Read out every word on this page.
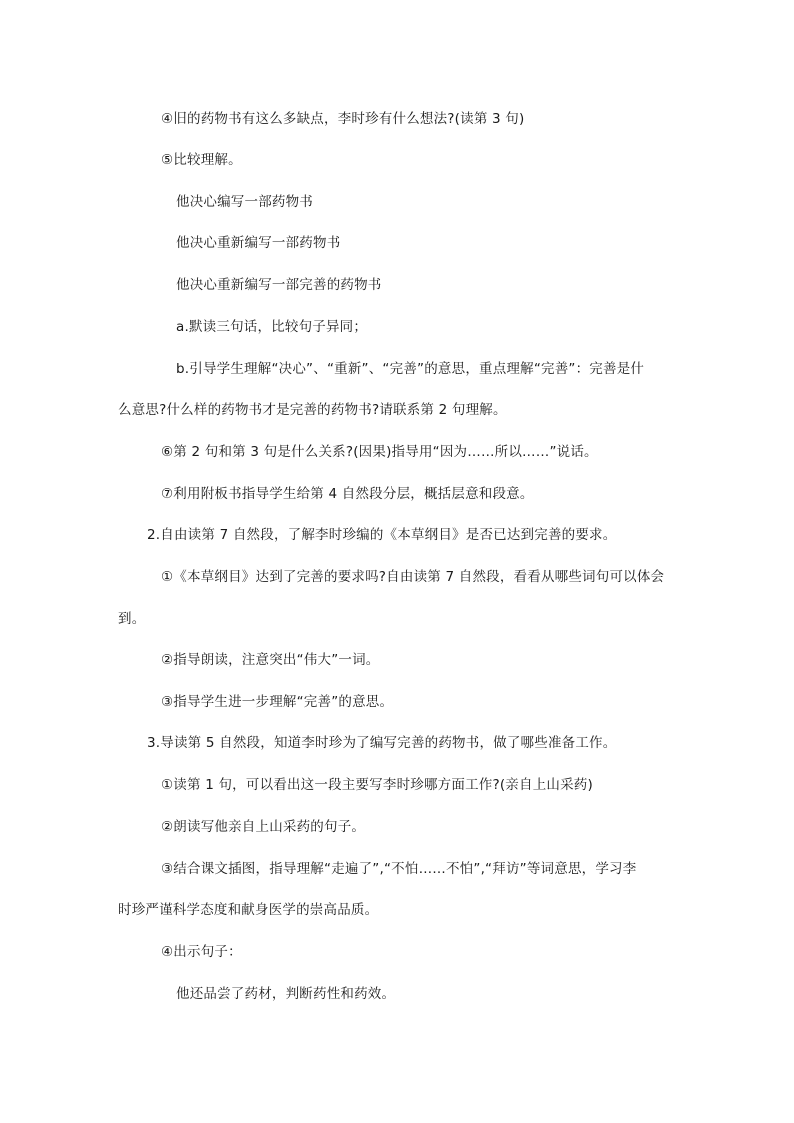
④旧的药物书有这么多缺点，李时珍有什么想法?(读第 3 句)
⑤比较理解。
他决心编写一部药物书
他决心重新编写一部药物书
他决心重新编写一部完善的药物书
a.默读三句话，比较句子异同；
b.引导学生理解“决心”、“重新”、“完善”的意思，重点理解“完善”：完善是什
么意思?什么样的药物书才是完善的药物书?请联系第 2 句理解。
⑥第 2 句和第 3 句是什么关系?(因果)指导用“因为……所以……”说话。
⑦利用附板书指导学生给第 4 自然段分层，概括层意和段意。
2.自由读第 7 自然段，了解李时珍编的《本草纲目》是否已达到完善的要求。
①《本草纲目》达到了完善的要求吗?自由读第 7 自然段，看看从哪些词句可以体会
到。
②指导朗读，注意突出“伟大”一词。
③指导学生进一步理解“完善”的意思。
3.导读第 5 自然段，知道李时珍为了编写完善的药物书，做了哪些准备工作。
①读第 1 句，可以看出这一段主要写李时珍哪方面工作?(亲自上山采药)
②朗读写他亲自上山采药的句子。
③结合课文插图，指导理解“走遍了”,“不怕……不怕”,“拜访”等词意思，学习李
时珍严谨科学态度和献身医学的崇高品质。
④出示句子：
他还品尝了药材，判断药性和药效。
